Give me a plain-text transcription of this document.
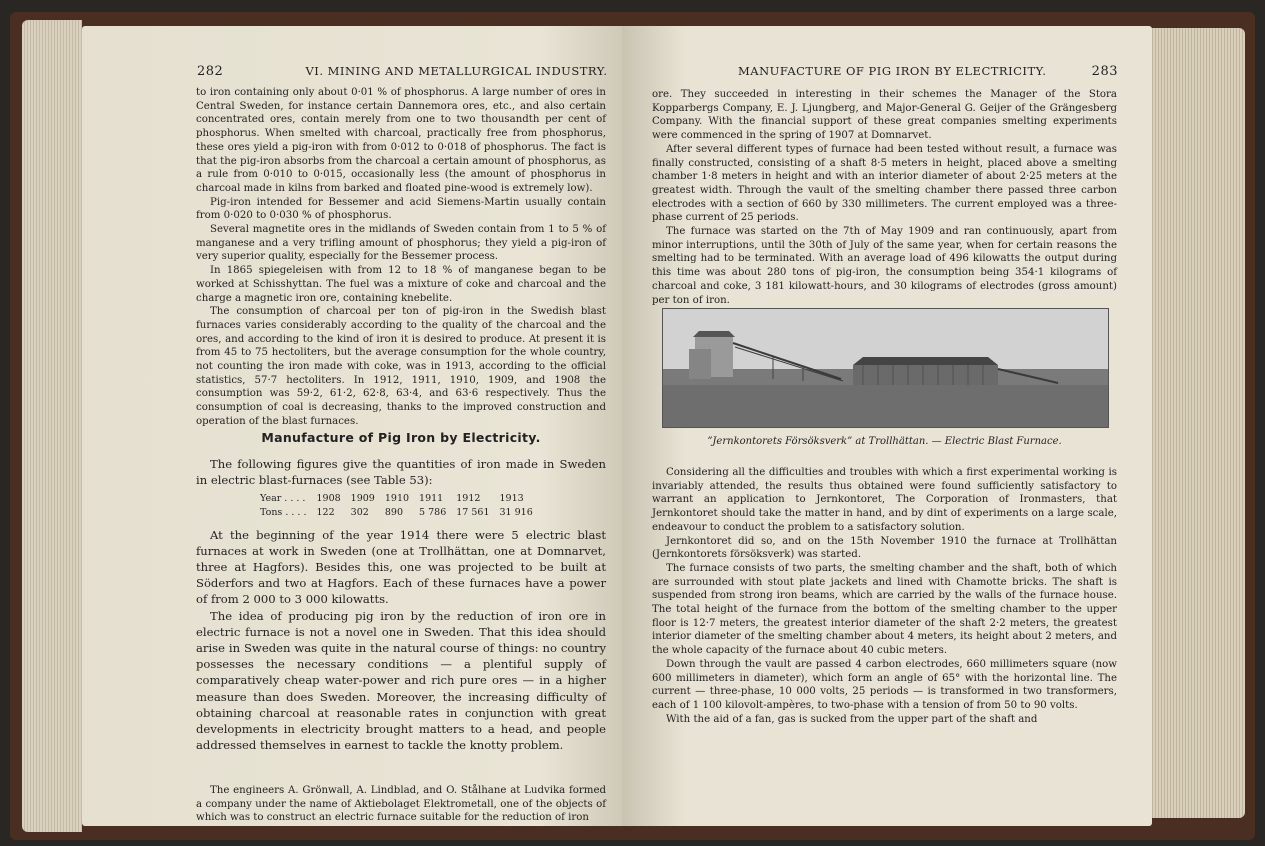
282	VI. MINING AND METALLURGICAL INDUSTRY.

to iron containing only about 0·01 % of phosphorus. A large number of ores in Central Sweden, for instance certain Dannemora ores, etc., and also certain concentrated ores, contain merely from one to two thousandth per cent of phosphorus. When smelted with charcoal, practically free from phosphorus, these ores yield a pig-iron with from 0·012 to 0·018 of phosphorus. The fact is that the pig-iron absorbs from the charcoal a certain amount of phosphorus, as a rule from 0·010 to 0·015, occasionally less (the amount of phosphorus in charcoal made in kilns from barked and floated pine-wood is extremely low).

Pig-iron intended for Bessemer and acid Siemens-Martin usually contain from 0·020 to 0·030 % of phosphorus.

Several magnetite ores in the midlands of Sweden contain from 1 to 5 % of manganese and a very trifling amount of phosphorus; they yield a pig-iron of very superior quality, especially for the Bessemer process.

In 1865 spiegeleisen with from 12 to 18 % of manganese began to be worked at Schisshyttan. The fuel was a mixture of coke and charcoal and the charge a magnetic iron ore, containing knebelite.

The consumption of charcoal per ton of pig-iron in the Swedish blast furnaces varies considerably according to the quality of the charcoal and the ores, and according to the kind of iron it is desired to produce. At present it is from 45 to 75 hectoliters, but the average consumption for the whole country, not counting the iron made with coke, was in 1913, according to the official statistics, 57·7 hectoliters. In 1912, 1911, 1910, 1909, and 1908 the consumption was 59·2, 61·2, 62·8, 63·4, and 63·6 respectively. Thus the consumption of coal is decreasing, thanks to the improved construction and operation of the blast furnaces.

Manufacture of Pig Iron by Electricity.

The following figures give the quantities of iron made in Sweden in electric blast-furnaces (see Table 53):

Year . . . .	1908	1909	1910	1911	1912	1913
Tons . . . .	122	302	890	5 786	17 561	31 916

At the beginning of the year 1914 there were 5 electric blast furnaces at work in Sweden (one at Trollhättan, one at Domnarvet, three at Hagfors). Besides this, one was projected to be built at Söderfors and two at Hagfors. Each of these furnaces have a power of from 2 000 to 3 000 kilowatts.

The idea of producing pig iron by the reduction of iron ore in electric furnace is not a novel one in Sweden. That this idea should arise in Sweden was quite in the natural course of things: no country possesses the necessary conditions — a plentiful supply of comparatively cheap water-power and rich pure ores — in a higher measure than does Sweden. Moreover, the increasing difficulty of obtaining charcoal at reasonable rates in conjunction with great developments in electricity brought matters to a head, and people addressed themselves in earnest to tackle the knotty problem.

The engineers A. Grönwall, A. Lindblad, and O. Stålhane at Ludvika formed a company under the name of Aktiebolaget Elektrometall, one of the objects of which was to construct an electric furnace suitable for the reduction of iron

MANUFACTURE OF PIG IRON BY ELECTRICITY.	283

ore. They succeeded in interesting in their schemes the Manager of the Stora Kopparbergs Company, E. J. Ljungberg, and Major-General G. Geijer of the Grängesberg Company. With the financial support of these great companies smelting experiments were commenced in the spring of 1907 at Domnarvet.

After several different types of furnace had been tested without result, a furnace was finally constructed, consisting of a shaft 8·5 meters in height, placed above a smelting chamber 1·8 meters in height and with an interior diameter of about 2·25 meters at the greatest width. Through the vault of the smelting chamber there passed three carbon electrodes with a section of 660 by 330 millimeters. The current employed was a three-phase current of 25 periods.

The furnace was started on the 7th of May 1909 and ran continuously, apart from minor interruptions, until the 30th of July of the same year, when for certain reasons the smelting had to be terminated. With an average load of 496 kilowatts the output during this time was about 280 tons of pig-iron, the consumption being 354·1 kilograms of charcoal and coke, 3 181 kilowatt-hours, and 30 kilograms of electrodes (gross amount) per ton of iron.

”Jernkontorets Försöksverk” at Trollhättan. — Electric Blast Furnace.

Considering all the difficulties and troubles with which a first experimental working is invariably attended, the results thus obtained were found sufficiently satisfactory to warrant an application to Jernkontoret, The Corporation of Ironmasters, that Jernkontoret should take the matter in hand, and by dint of experiments on a large scale, endeavour to conduct the problem to a satisfactory solution.

Jernkontoret did so, and on the 15th November 1910 the furnace at Trollhättan (Jernkontorets försöksverk) was started.

The furnace consists of two parts, the smelting chamber and the shaft, both of which are surrounded with stout plate jackets and lined with Chamotte bricks. The shaft is suspended from strong iron beams, which are carried by the walls of the furnace house. The total height of the furnace from the bottom of the smelting chamber to the upper floor is 12·7 meters, the greatest interior diameter of the shaft 2·2 meters, the greatest interior diameter of the smelting chamber about 4 meters, its height about 2 meters, and the whole capacity of the furnace about 40 cubic meters.

Down through the vault are passed 4 carbon electrodes, 660 millimeters square (now 600 millimeters in diameter), which form an angle of 65° with the horizontal line. The current — three-phase, 10 000 volts, 25 periods — is transformed in two transformers, each of 1 100 kilovolt-ampères, to two-phase with a tension of from 50 to 90 volts.

With the aid of a fan, gas is sucked from the upper part of the shaft and
